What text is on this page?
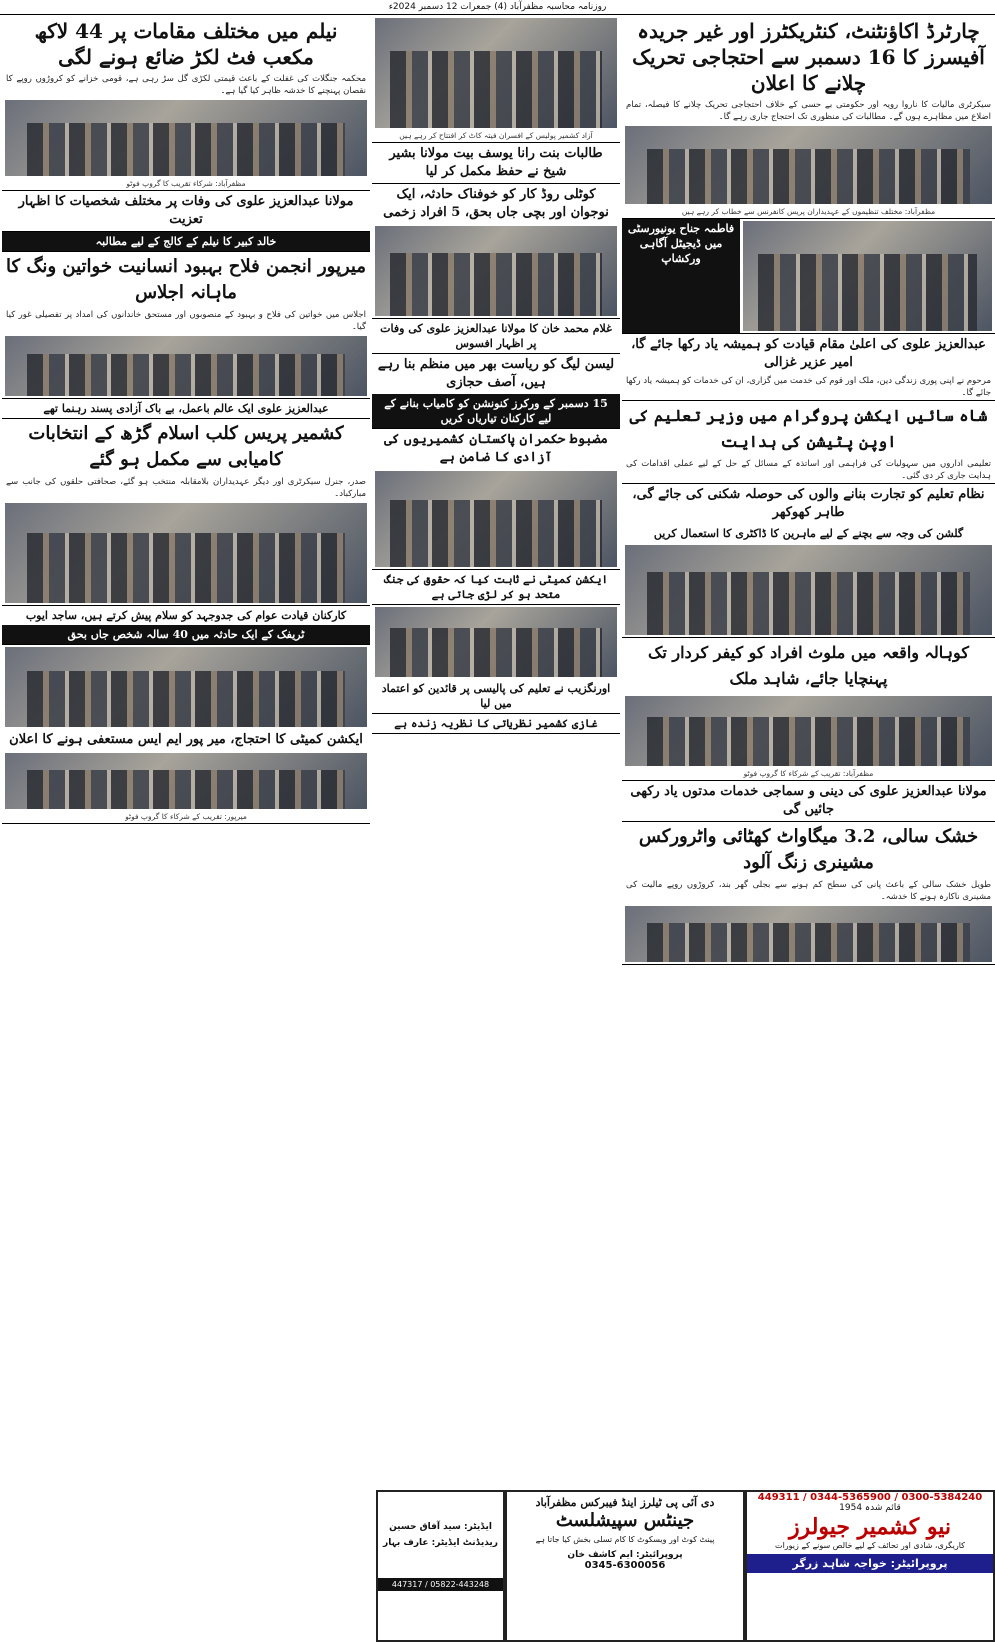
روزنامہ محاسبہ مظفرآباد (4) جمعرات 12 دسمبر 2024ء
چارٹرڈ اکاؤنٹنٹ، کنٹریکٹرز اور غیر جریدہ آفیسرز کا 16 دسمبر سے احتجاجی تحریک چلانے کا اعلان
سیکرٹری مالیات کا ناروا رویہ اور حکومتی بے حسی کے خلاف احتجاجی تحریک چلانے کا فیصلہ، تمام اضلاع میں مظاہرے ہوں گے۔ مطالبات کی منظوری تک احتجاج جاری رہے گا۔
مظفرآباد: مختلف تنظیموں کے عہدیداران پریس کانفرنس سے خطاب کر رہے ہیں
فاطمہ جناح یونیورسٹی میں ڈیجیٹل آگاہی ورکشاپ
عبدالعزیز علوی کی اعلیٰ مقام قیادت کو ہمیشہ یاد رکھا جائے گا، امیر عزیر غزالی
مرحوم نے اپنی پوری زندگی دین، ملک اور قوم کی خدمت میں گزاری، ان کی خدمات کو ہمیشہ یاد رکھا جائے گا۔
شاہ سائیں ایکشن پروگرام میں وزیر تعلیم کی اوپن پٹیشن کی ہدایت
تعلیمی اداروں میں سہولیات کی فراہمی اور اساتذہ کے مسائل کے حل کے لیے عملی اقدامات کی ہدایت جاری کر دی گئی۔
نظام تعلیم کو تجارت بنانے والوں کی حوصلہ شکنی کی جائے گی، طاہر کھوکھر
گلشن کی وجہ سے بچنے کے لیے ماہرین کا ڈاکٹری کا استعمال کریں
کوہالہ واقعہ میں ملوث افراد کو کیفر کردار تک پہنچایا جائے، شاہد ملک
مظفرآباد: تقریب کے شرکاء کا گروپ فوٹو
مولانا عبدالعزیز علوی کی دینی و سماجی خدمات مدتوں یاد رکھی جائیں گی
خشک سالی، 3.2 میگاواٹ کھٹائی واٹرورکس مشینری زنگ آلود
طویل خشک سالی کے باعث پانی کی سطح کم ہونے سے بجلی گھر بند، کروڑوں روپے مالیت کی مشینری ناکارہ ہونے کا خدشہ۔
آزاد کشمیر پولیس کے افسران فیتہ کاٹ کر افتتاح کر رہے ہیں
طالبات بنت رانا یوسف بیت مولانا بشیر شیخ نے حفظ مکمل کر لیا
کوٹلی روڈ کار کو خوفناک حادثہ، ایک نوجوان اور بچی جاں بحق، 5 افراد زخمی
غلام محمد خان کا مولانا عبدالعزیز علوی کی وفات پر اظہار افسوس
لیسن لیگ کو ریاست بھر میں منظم بنا رہے ہیں، آصف حجازی
15 دسمبر کے ورکرز کنونشن کو کامیاب بنانے کے لیے کارکنان تیاریاں کریں
مضبوط حکمران پاکستان کشمیریوں کی آزادی کا ضامن ہے
ایکشن کمیٹی نے ثابت کیا کہ حقوق کی جنگ متحد ہو کر لڑی جاتی ہے
اورنگزیب نے تعلیم کی پالیسی پر قائدین کو اعتماد میں لیا
غازی کشمیر نظریاتی کا نظریہ زندہ ہے
نیلم میں مختلف مقامات پر 44 لاکھ مکعب فٹ لکڑ ضائع ہونے لگی
محکمہ جنگلات کی غفلت کے باعث قیمتی لکڑی گل سڑ رہی ہے، قومی خزانے کو کروڑوں روپے کا نقصان پہنچنے کا خدشہ ظاہر کیا گیا ہے۔
مظفرآباد: شرکاء تقریب کا گروپ فوٹو
مولانا عبدالعزیز علوی کی وفات پر مختلف شخصیات کا اظہار تعزیت
خالد کبیر کا نیلم کے کالج کے لیے مطالبہ
میرپور انجمن فلاح بہبود انسانیت خواتین ونگ کا ماہانہ اجلاس
اجلاس میں خواتین کی فلاح و بہبود کے منصوبوں اور مستحق خاندانوں کی امداد پر تفصیلی غور کیا گیا۔
عبدالعزیز علوی ایک عالم باعمل، بے باک آزادی پسند رہنما تھے
کشمیر پریس کلب اسلام گڑھ کے انتخابات کامیابی سے مکمل ہو گئے
صدر، جنرل سیکرٹری اور دیگر عہدیداران بلامقابلہ منتخب ہو گئے، صحافتی حلقوں کی جانب سے مبارکباد۔
کارکنان قیادت عوام کی جدوجہد کو سلام پیش کرتے ہیں، ساجد ایوب
ٹریفک کے ایک حادثہ میں 40 سالہ شخص جاں بحق
ایکشن کمیٹی کا احتجاج، میر پور ایم ایس مستعفی ہونے کا اعلان
میرپور: تقریب کے شرکاء کا گروپ فوٹو
0300-5384240 / 0344-5365900 / 449311
قائم شدہ 1954
نیو کشمیر جیولرز
کاریگری، شادی اور تحائف کے لیے خالص سونے کے زیورات
پروپرائیٹر: خواجہ شاہد زرگر
دی آئی پی ٹیلرز اینڈ فیبرکس مظفرآباد
جینٹس سپیشلسٹ
پینٹ کوٹ اور ویسکوٹ کا کام تسلی بخش کیا جاتا ہے
پروپرائیٹر: ایم کاشف خان
0345-6300056
ایڈیٹر: سید آفاق حسین
ریذیڈنٹ ایڈیٹر: عارف بہار
05822-443248 / 447317
